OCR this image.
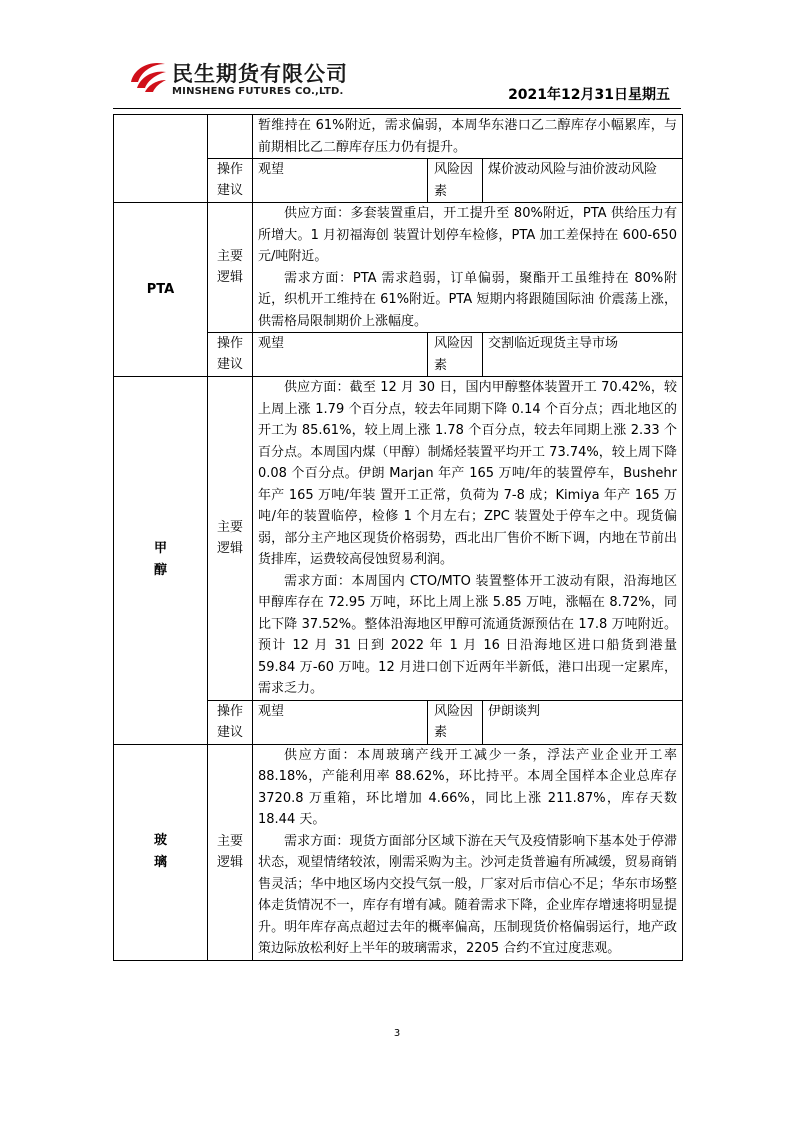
民生期货有限公司
MINSHENG FUTURES CO.,LTD.	2021年12月31日星期五

		暂维持在 61%附近，需求偏弱，本周华东港口乙二醇库存小幅累库，与前期相比乙二醇库存压力仍有提升。		

	操作建议	观望	风险因素	煤价波动风险与油价波动风险
PTA	主要逻辑	供应方面：多套装置重启，开工提升至 80%附近，PTA 供给压力有所增大。1 月初福海创 装置计划停车检修，PTA 加工差保持在 600-650 元/吨附近。
需求方面：PTA 需求趋弱，订单偏弱，聚酯开工虽维持在 80%附近，织机开工维持在 61%附近。PTA 短期内将跟随国际油 价震荡上涨，供需格局限制期价上涨幅度。		

	操作建议	观望	风险因素	交割临近现货主导市场
甲醇	主要逻辑	供应方面：截至 12 月 30 日，国内甲醇整体装置开工 70.42%，较上周上涨 1.79 个百分点，较去年同期下降 0.14 个百分点；西北地区的开工为 85.61%，较上周上涨 1.78 个百分点，较去年同期上涨 2.33 个百分点。本周国内煤（甲醇）制烯烃装置平均开工 73.74%，较上周下降 0.08 个百分点。伊朗 Marjan 年产 165 万吨/年的装置停车，Bushehr 年产 165 万吨/年装 置开工正常，负荷为 7-8 成；Kimiya 年产 165 万吨/年的装置临停，检修 1 个月左右；ZPC 装置处于停车之中。现货偏弱，部分主产地区现货价格弱势，西北出厂售价不断下调，内地在节前出货排库，运费较高侵蚀贸易利润。
需求方面：本周国内 CTO/MTO 装置整体开工波动有限，沿海地区甲醇库存在 72.95 万吨，环比上周上涨 5.85 万吨，涨幅在 8.72%，同比下降 37.52%。整体沿海地区甲醇可流通货源预估在 17.8 万吨附近。预计 12 月 31 日到 2022 年 1 月 16 日沿海地区进口船货到港量 59.84 万-60 万吨。12 月进口创下近两年半新低，港口出现一定累库，需求乏力。		

	操作建议	观望	风险因素	伊朗谈判
玻璃	主要逻辑	供应方面：本周玻璃产线开工减少一条，浮法产业企业开工率 88.18%，产能利用率 88.62%，环比持平。本周全国样本企业总库存 3720.8 万重箱，环比增加 4.66%，同比上涨 211.87%，库存天数 18.44 天。
需求方面：现货方面部分区域下游在天气及疫情影响下基本处于停滞状态，观望情绪较浓，刚需采购为主。沙河走货普遍有所减缓，贸易商销售灵活；华中地区场内交投气氛一般，厂家对后市信心不足；华东市场整体走货情况不一，库存有增有减。随着需求下降，企业库存增速将明显提升。明年库存高点超过去年的概率偏高，压制现货价格偏弱运行，地产政策边际放松利好上半年的玻璃需求，2205 合约不宜过度悲观。		
3
